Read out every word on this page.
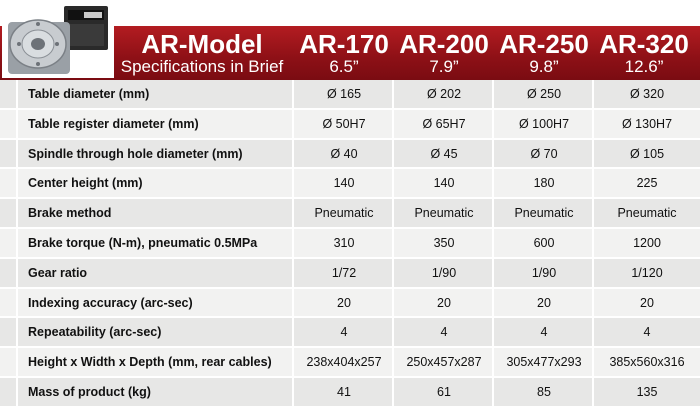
AR-Model
Specifications in Brief
AR-170
6.5”
AR-200
7.9”
AR-250
9.8”
AR-320
12.6”
Table diameter (mm)	Ø 165	Ø 202	Ø 250	Ø 320
Table register diameter (mm)	Ø 50H7	Ø 65H7	Ø 100H7	Ø 130H7
Spindle through hole diameter (mm)	Ø 40	Ø 45	Ø 70	Ø 105
Center height (mm)	140	140	180	225
Brake method	Pneumatic	Pneumatic	Pneumatic	Pneumatic
Brake torque (N-m), pneumatic 0.5MPa	310	350	600	1200
Gear ratio	1/72	1/90	1/90	1/120
Indexing accuracy (arc-sec)	20	20	20	20
Repeatability (arc-sec)	4	4	4	4
Height x Width x Depth (mm, rear cables)	238x404x257	250x457x287	305x477x293	385x560x316
Mass of product (kg)	41	61	85	135
